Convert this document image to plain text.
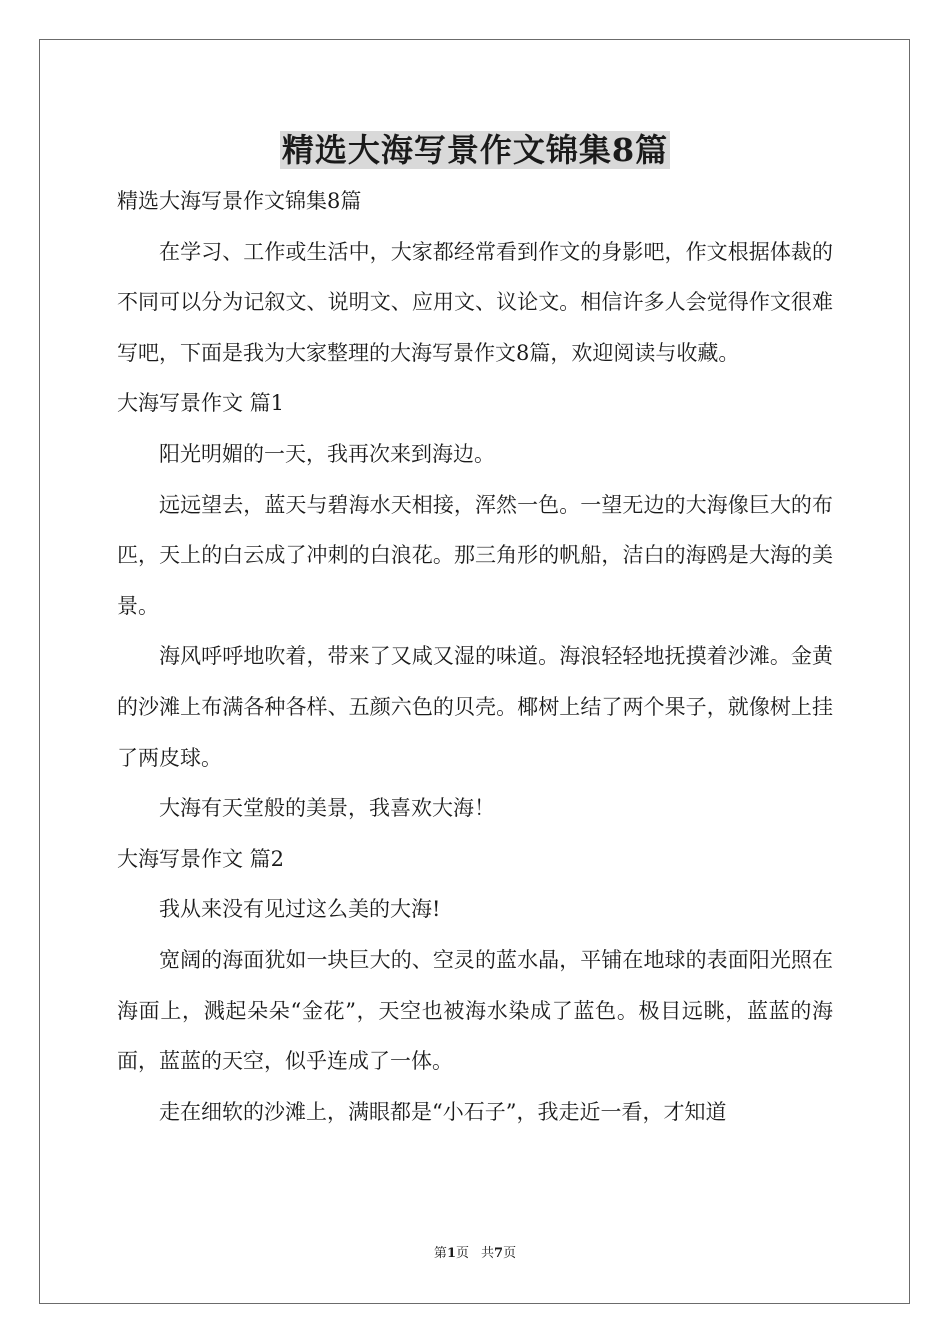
精选大海写景作文锦集8篇

精选大海写景作文锦集8篇

在学习、工作或生活中，大家都经常看到作文的身影吧，作文根据体裁的不同可以分为记叙文、说明文、应用文、议论文。相信许多人会觉得作文很难写吧，下面是我为大家整理的大海写景作文8篇，欢迎阅读与收藏。

大海写景作文 篇1

阳光明媚的一天，我再次来到海边。

远远望去，蓝天与碧海水天相接，浑然一色。一望无边的大海像巨大的布匹，天上的白云成了冲刺的白浪花。那三角形的帆船，洁白的海鸥是大海的美景。

海风呼呼地吹着，带来了又咸又湿的味道。海浪轻轻地抚摸着沙滩。金黄的沙滩上布满各种各样、五颜六色的贝壳。椰树上结了两个果子，就像树上挂了两皮球。

大海有天堂般的美景，我喜欢大海！

大海写景作文 篇2

我从来没有见过这么美的大海!

宽阔的海面犹如一块巨大的、空灵的蓝水晶，平铺在地球的表面阳光照在海面上，溅起朵朵“金花”，天空也被海水染成了蓝色。极目远眺，蓝蓝的海面，蓝蓝的天空，似乎连成了一体。

走在细软的沙滩上，满眼都是“小石子”，我走近一看，才知道

第1页 共7页
